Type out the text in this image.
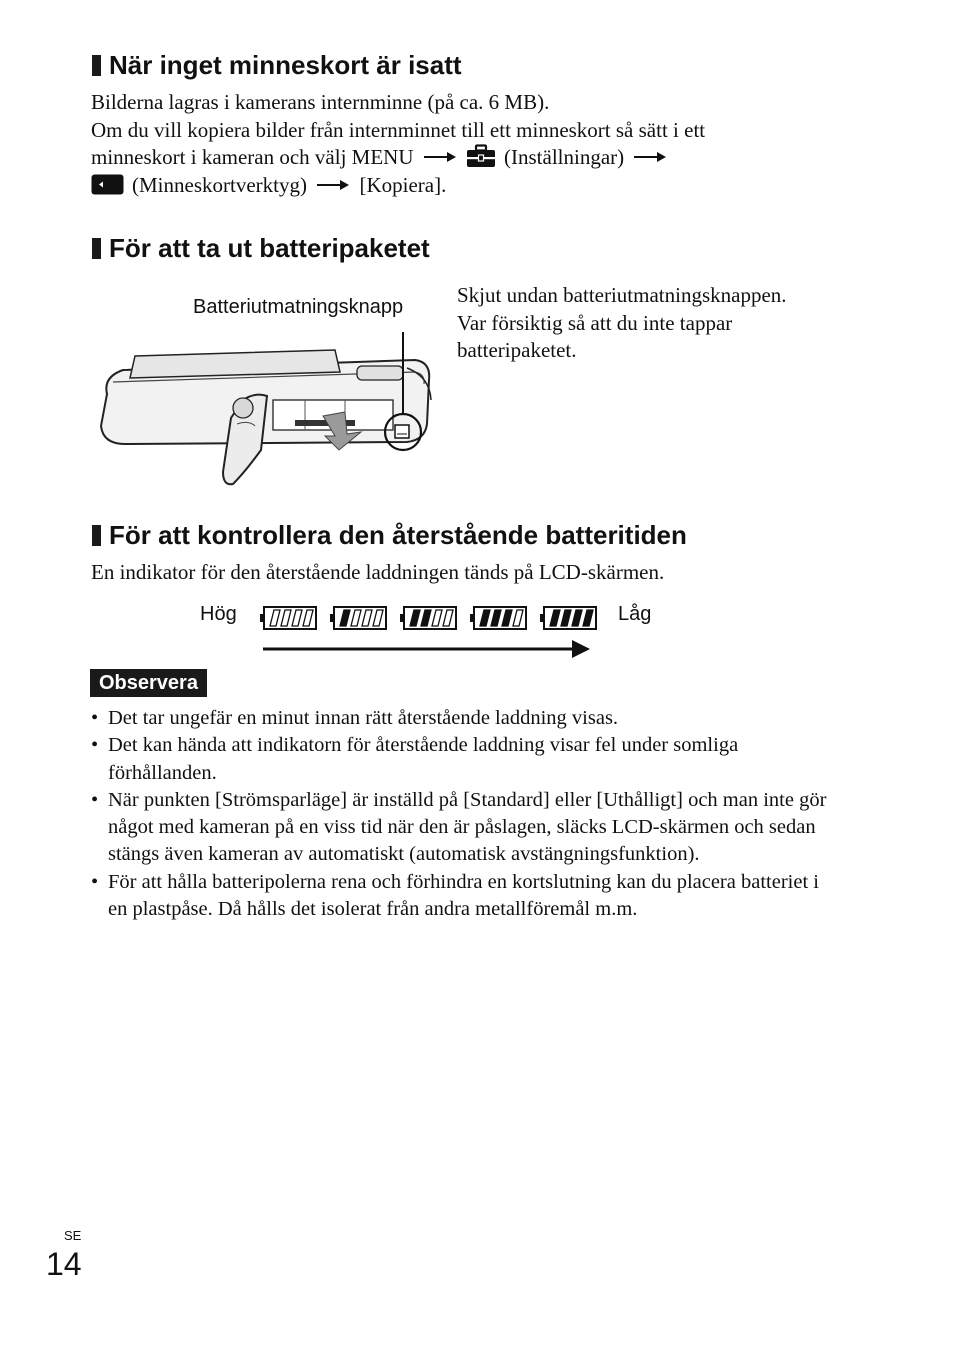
När inget minneskort är isatt
Bilderna lagras i kamerans internminne (på ca. 6 MB).
Om du vill kopiera bilder från internminnet till ett minneskort så sätt i ett
minneskort i kameran och välj MENU	(Inställningar)
(Minneskortverktyg)	[Kopiera].
För att ta ut batteripaketet
Batteriutmatningsknapp	Skjut undan batteriutmatningsknappen.
Var försiktig så att du inte tappar
batteripaketet.
För att kontrollera den återstående batteritiden
En indikator för den återstående laddningen tänds på LCD-skärmen.
Hög	Låg
Observera
• Det tar ungefär en minut innan rätt återstående laddning visas.
• Det kan hända att indikatorn för återstående laddning visar fel under somliga förhållanden.
• När punkten [Strömsparläge] är inställd på [Standard] eller [Uthålligt] och man inte gör något med kameran på en viss tid när den är påslagen, släcks LCD-skärmen och sedan stängs även kameran av automatiskt (automatisk avstängningsfunktion).
• För att hålla batteripolerna rena och förhindra en kortslutning kan du placera batteriet i en plastpåse. Då hålls det isolerat från andra metallföremål m.m.
SE
14
